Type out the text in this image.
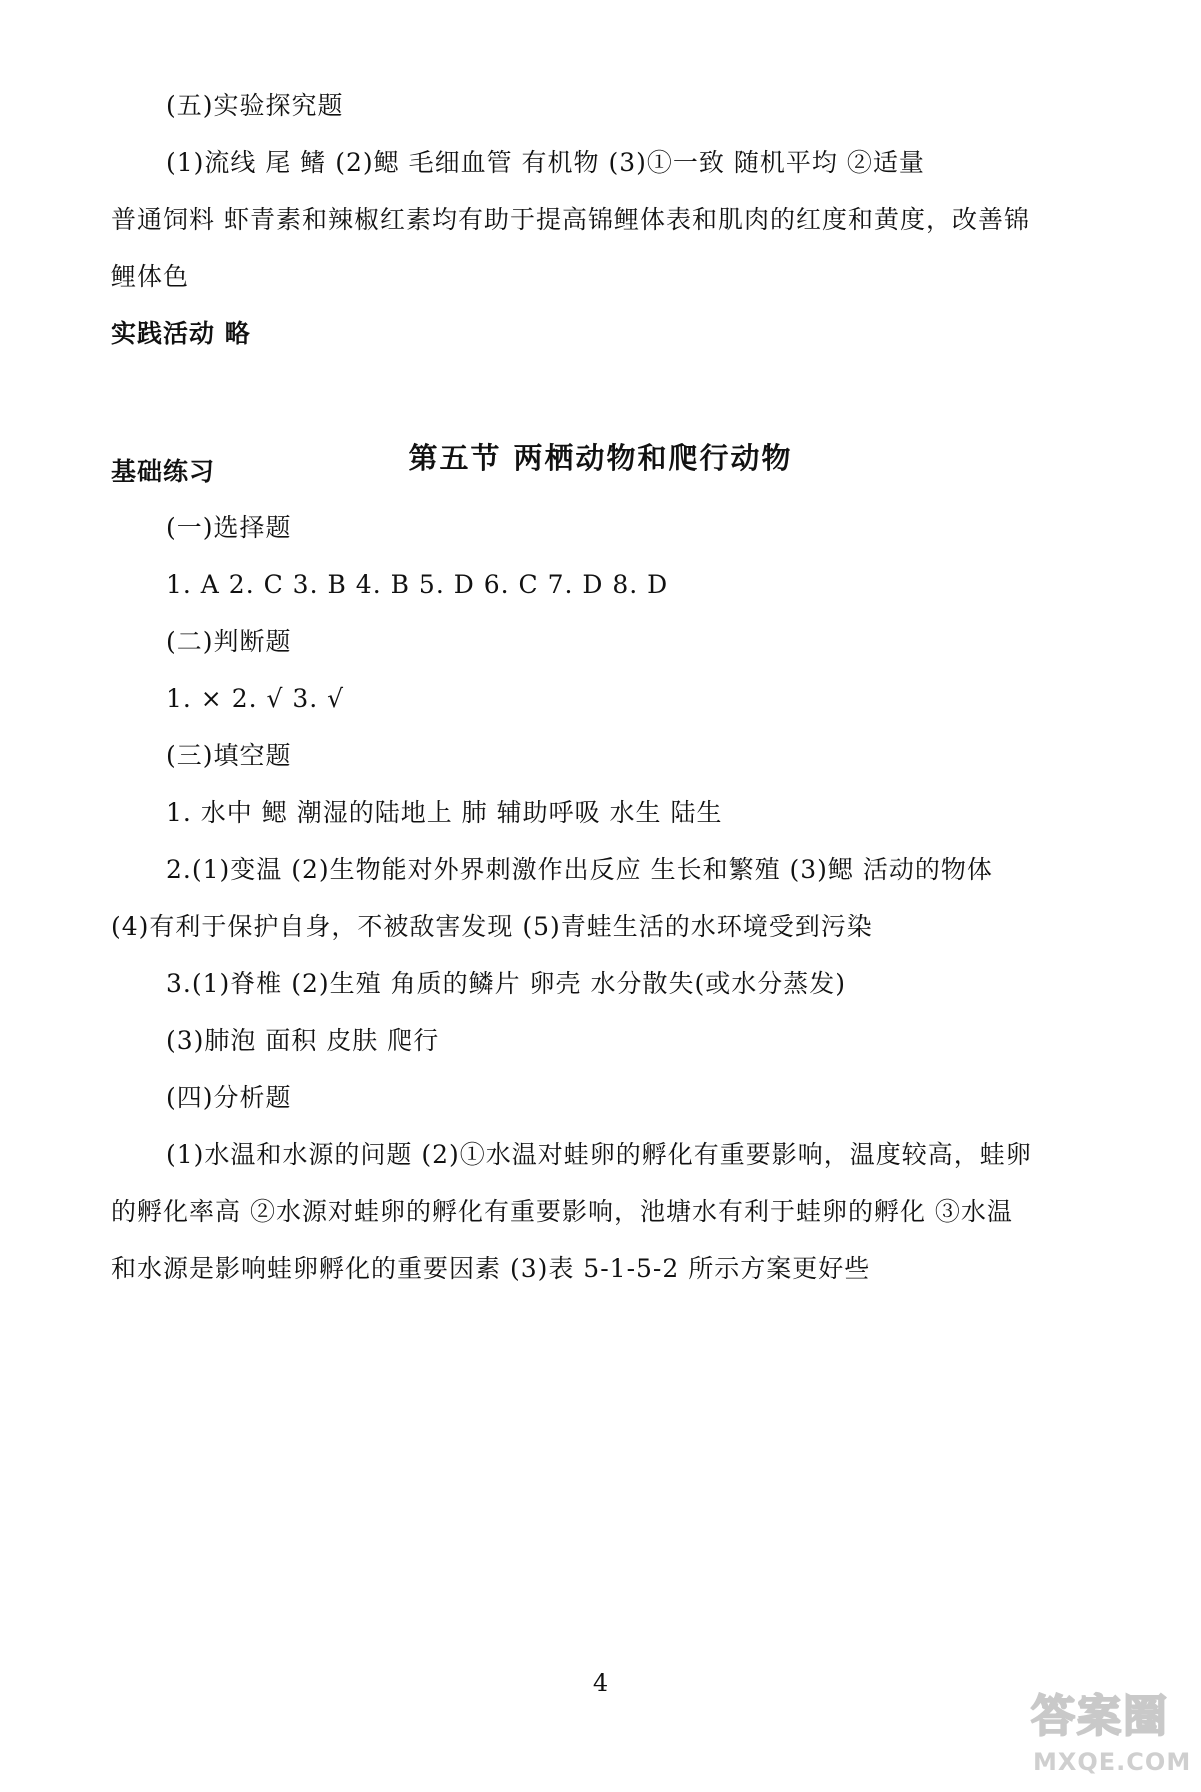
(五)实验探究题
(1)流线 尾 鳍 (2)鳃 毛细血管 有机物 (3)①一致 随机平均 ②适量
普通饲料 虾青素和辣椒红素均有助于提高锦鲤体表和肌肉的红度和黄度，改善锦
鲤体色
实践活动 略
第五节 两栖动物和爬行动物
基础练习
(一)选择题
1. A 2. C 3. B 4. B 5. D 6. C 7. D 8. D
(二)判断题
1. × 2. √ 3. √
(三)填空题
1. 水中 鳃 潮湿的陆地上 肺 辅助呼吸 水生 陆生
2.(1)变温 (2)生物能对外界刺激作出反应 生长和繁殖 (3)鳃 活动的物体
(4)有利于保护自身，不被敌害发现 (5)青蛙生活的水环境受到污染
3.(1)脊椎 (2)生殖 角质的鳞片 卵壳 水分散失(或水分蒸发)
(3)肺泡 面积 皮肤 爬行
(四)分析题
(1)水温和水源的问题 (2)①水温对蛙卵的孵化有重要影响，温度较高，蛙卵
的孵化率高 ②水源对蛙卵的孵化有重要影响，池塘水有利于蛙卵的孵化 ③水温
和水源是影响蛙卵孵化的重要因素 (3)表 5-1-5-2 所示方案更好些
4
答案圈
MXQE.COM
